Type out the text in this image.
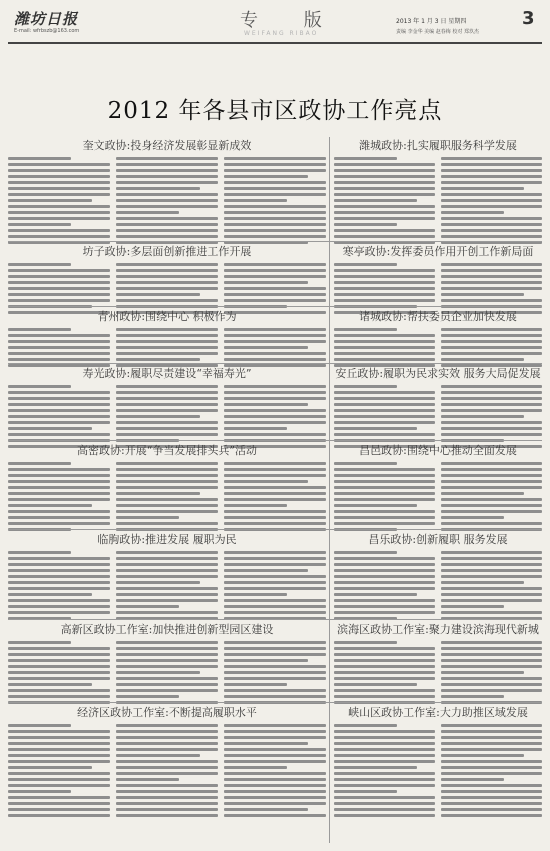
潍坊日报
E-mail: wfrbszb@163.com	专 版
WEIFANG RIBAO
2013 年 1 月 3 日 星期四
责编 李金华 美编 赵春梅 校对 郑玖杰
3
2012 年各县市区政协工作亮点
奎文政协:投身经济发展彰显新成效	潍城政协:扎实履职服务科学发展
坊子政协:多层面创新推进工作开展	寒亭政协:发挥委员作用开创工作新局面
青州政协:围绕中心 积极作为	诸城政协:帮扶委员企业加快发展
寿光政协:履职尽责建设“幸福寿光”	安丘政协:履职为民求实效 服务大局促发展
高密政协:开展“争当发展排头兵”活动	昌邑政协:围绕中心推动全面发展
临朐政协:推进发展 履职为民	昌乐政协:创新履职 服务发展
高新区政协工作室:加快推进创新型园区建设	滨海区政协工作室:聚力建设滨海现代新城
经济区政协工作室:不断提高履职水平	峡山区政协工作室:大力助推区域发展
